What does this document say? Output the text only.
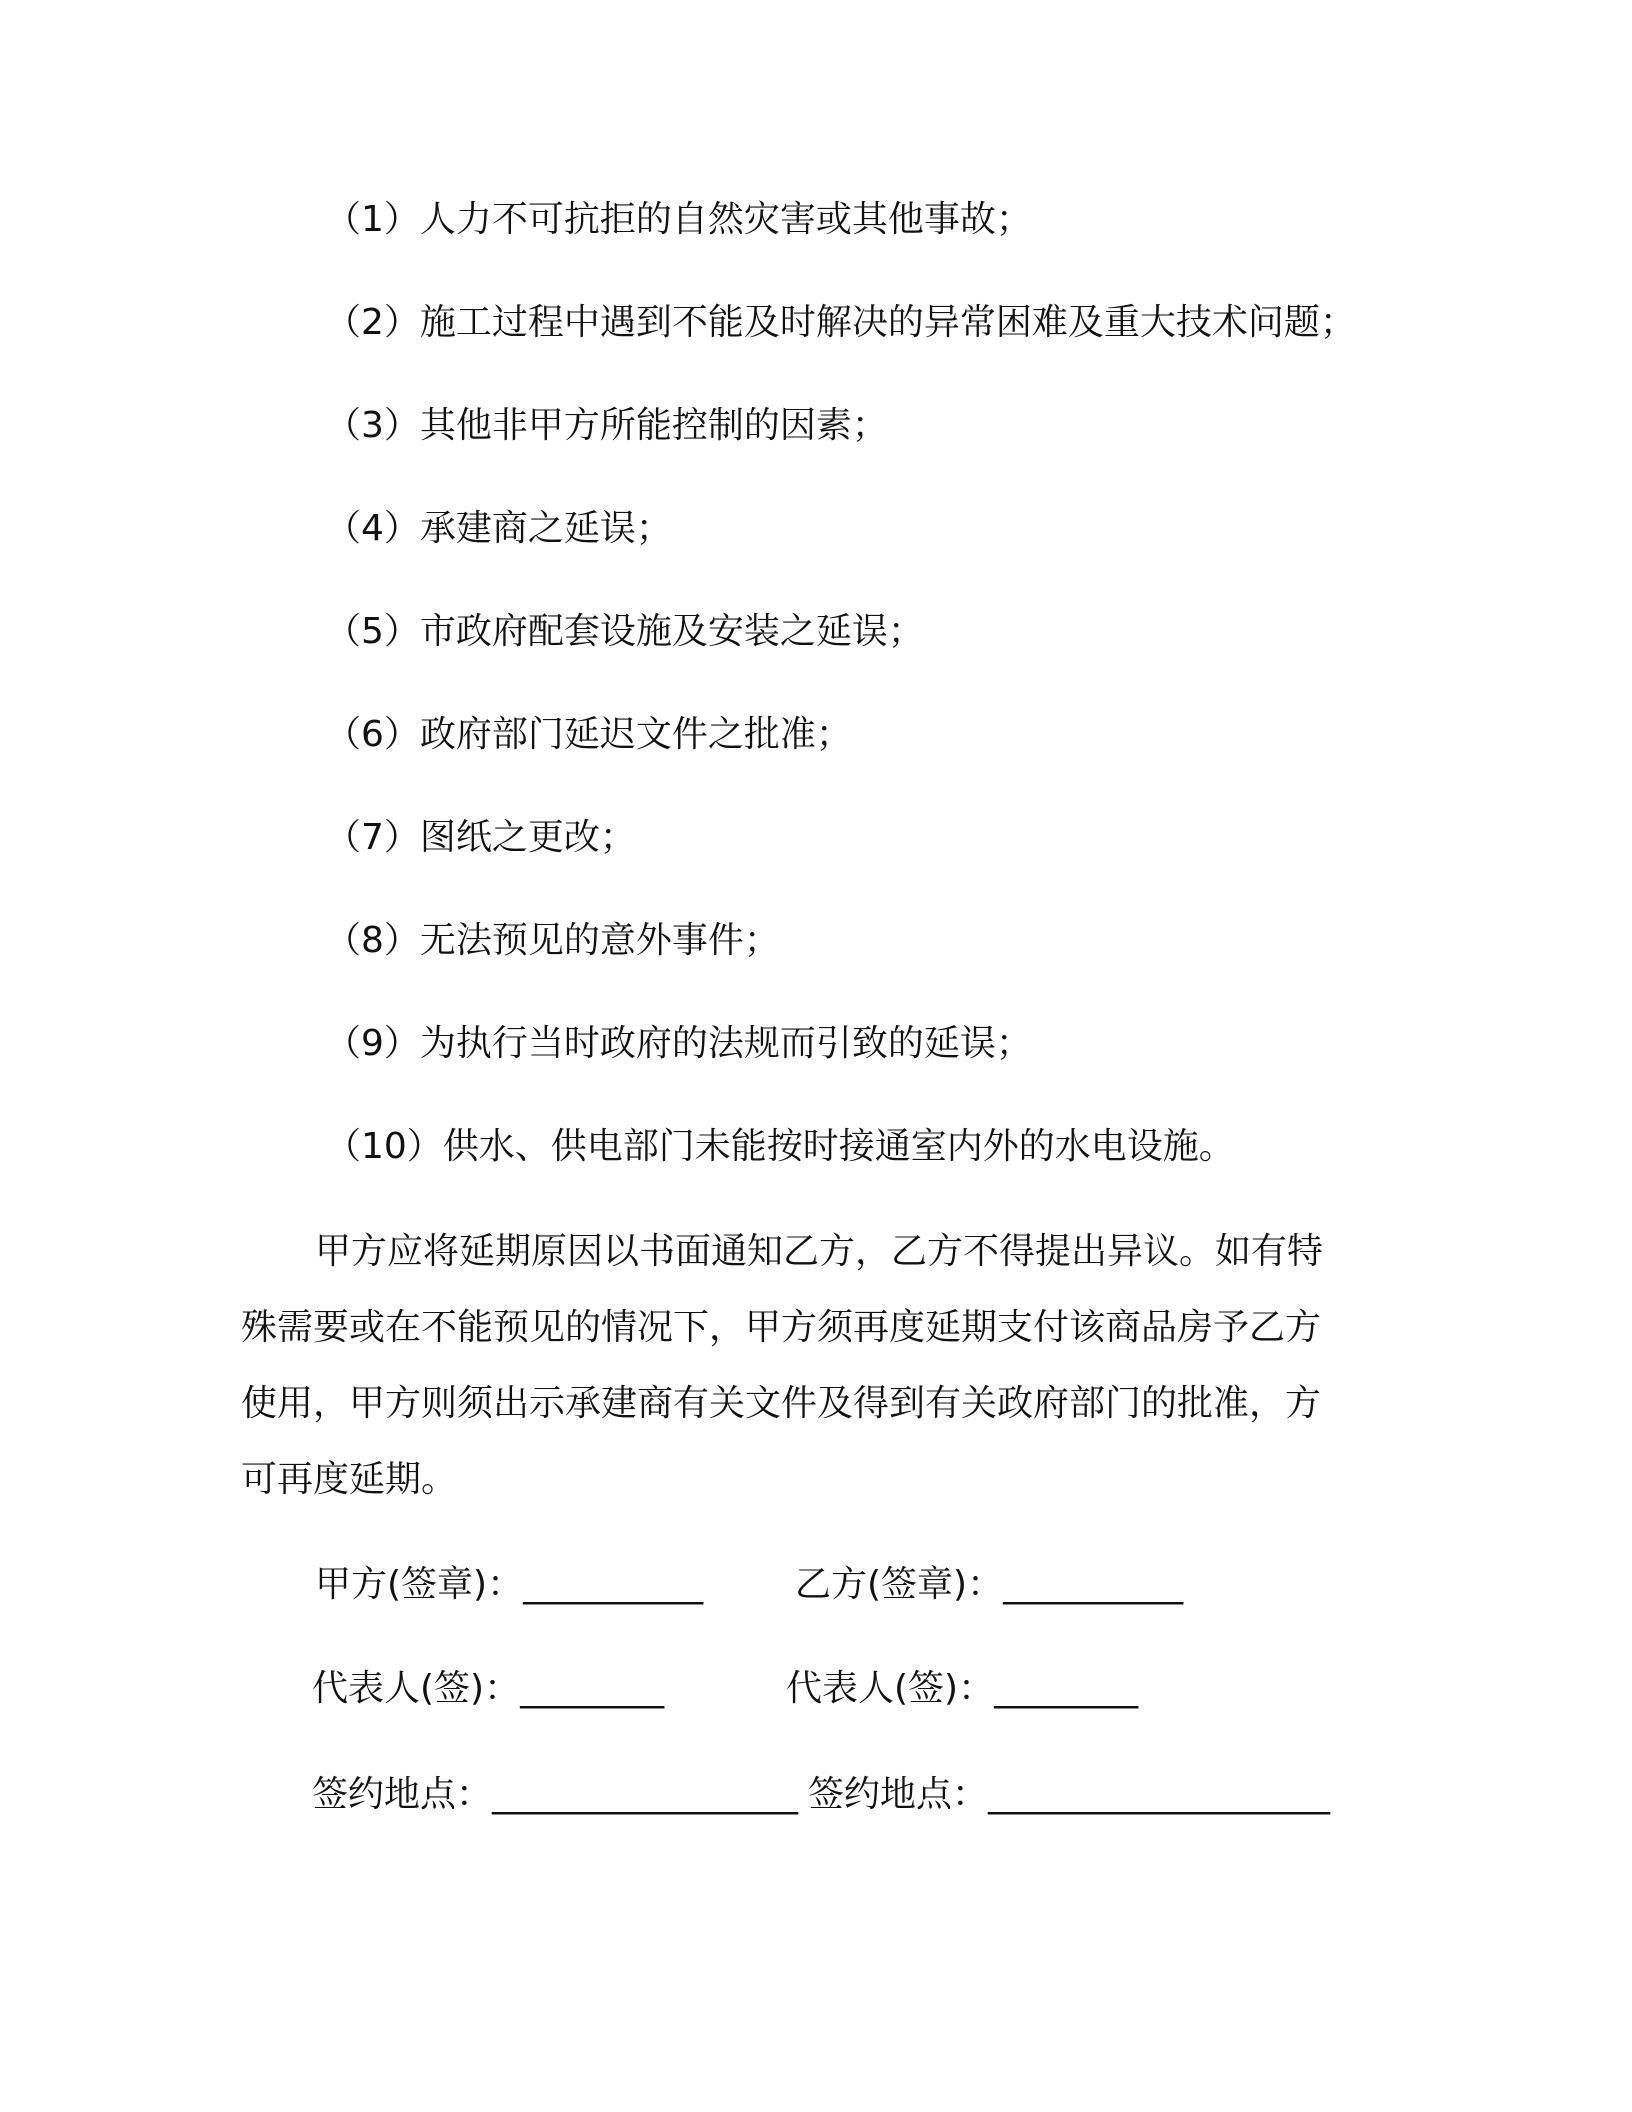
（1）人力不可抗拒的自然灾害或其他事故；
（2）施工过程中遇到不能及时解决的异常困难及重大技术问题；
（3）其他非甲方所能控制的因素；
（4）承建商之延误；
（5）市政府配套设施及安装之延误；
（6）政府部门延迟文件之批准；
（7）图纸之更改；
（8）无法预见的意外事件；
（9）为执行当时政府的法规而引致的延误；
（10）供水、供电部门未能按时接通室内外的水电设施。
甲方应将延期原因以书面通知乙方，乙方不得提出异议。如有特
殊需要或在不能预见的情况下，甲方须再度延期支付该商品房予乙方
使用，甲方则须出示承建商有关文件及得到有关政府部门的批准，方
可再度延期。
甲方(签章)：__________	乙方(签章)：__________
代表人(签)：________	代表人(签)：________
签约地点：_________________ 签约地点：___________________
